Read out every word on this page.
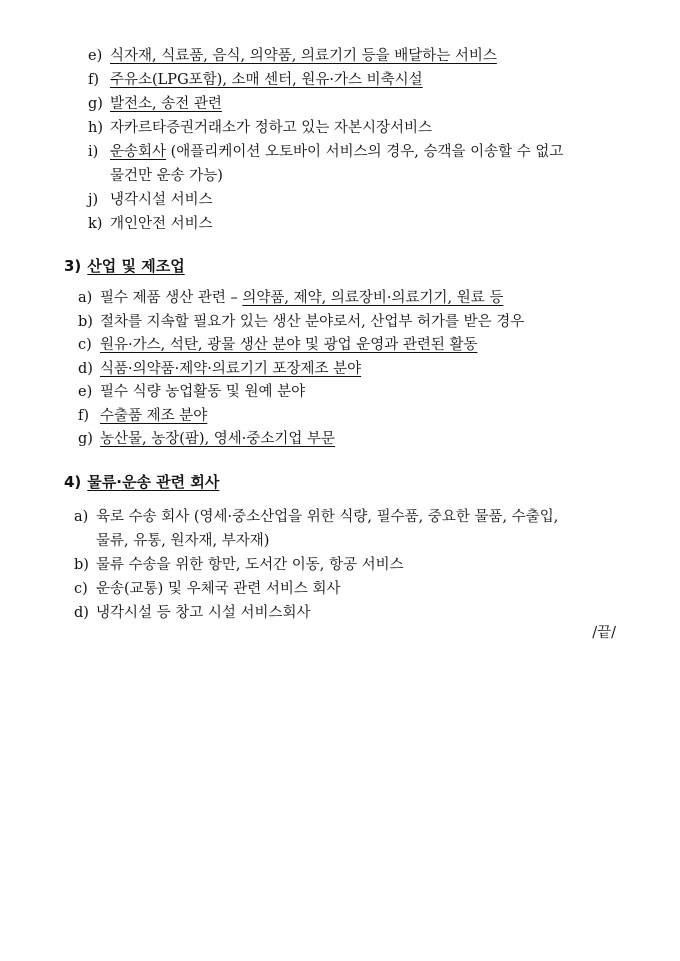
e) 식자재, 식료품, 음식, 의약품, 의료기기 등을 배달하는 서비스
f) 주유소(LPG포함), 소매 센터, 원유·가스 비축시설
g) 발전소, 송전 관련
h) 자카르타증권거래소가 정하고 있는 자본시장서비스
i) 운송회사 (애플리케이션 오토바이 서비스의 경우, 승객을 이송할 수 없고
물건만 운송 가능)
j) 냉각시설 서비스
k) 개인안전 서비스
3) 산업 및 제조업
a) 필수 제품 생산 관련 – 의약품, 제약, 의료장비·의료기기, 원료 등
b) 절차를 지속할 필요가 있는 생산 분야로서, 산업부 허가를 받은 경우
c) 원유·가스, 석탄, 광물 생산 분야 및 광업 운영과 관련된 활동
d) 식품·의약품·제약·의료기기 포장제조 분야
e) 필수 식량 농업활동 및 원예 분야
f) 수출품 제조 분야
g) 농산물, 농장(팜), 영세·중소기업 부문
4) 물류·운송 관련 회사
a) 육로 수송 회사 (영세·중소산업을 위한 식량, 필수품, 중요한 물품, 수출입,
물류, 유통, 원자재, 부자재)
b) 물류 수송을 위한 항만, 도서간 이동, 항공 서비스
c) 운송(교통) 및 우체국 관련 서비스 회사
d) 냉각시설 등 창고 시설 서비스회사
/끝/
